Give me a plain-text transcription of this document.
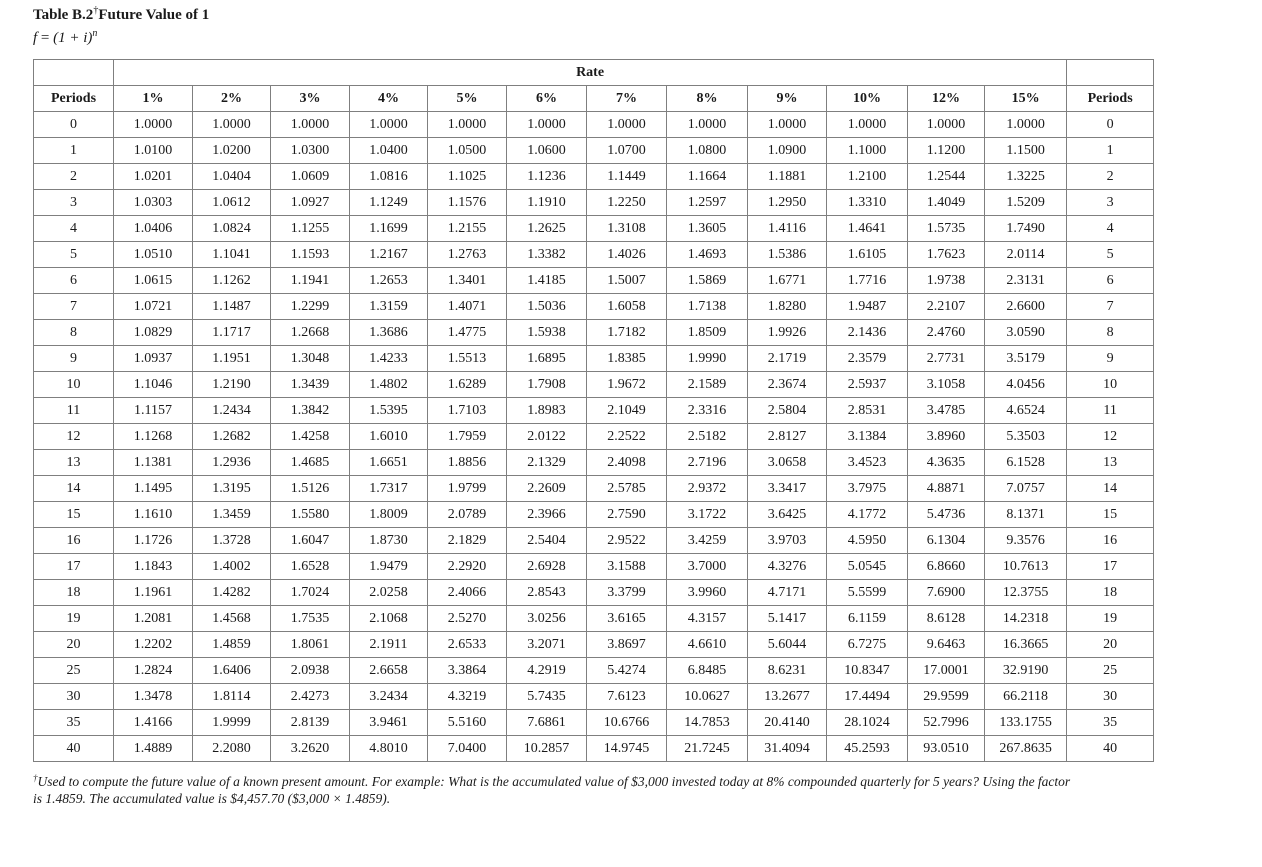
Table B.2†Future Value of 1
$f = (1 + i)^n$
	Rate												
Periods	1%	2%	3%	4%	5%	6%	7%	8%	9%	10%	12%	15%	Periods
0	1.0000	1.0000	1.0000	1.0000	1.0000	1.0000	1.0000	1.0000	1.0000	1.0000	1.0000	1.0000	0
1	1.0100	1.0200	1.0300	1.0400	1.0500	1.0600	1.0700	1.0800	1.0900	1.1000	1.1200	1.1500	1
2	1.0201	1.0404	1.0609	1.0816	1.1025	1.1236	1.1449	1.1664	1.1881	1.2100	1.2544	1.3225	2
3	1.0303	1.0612	1.0927	1.1249	1.1576	1.1910	1.2250	1.2597	1.2950	1.3310	1.4049	1.5209	3
4	1.0406	1.0824	1.1255	1.1699	1.2155	1.2625	1.3108	1.3605	1.4116	1.4641	1.5735	1.7490	4
5	1.0510	1.1041	1.1593	1.2167	1.2763	1.3382	1.4026	1.4693	1.5386	1.6105	1.7623	2.0114	5
6	1.0615	1.1262	1.1941	1.2653	1.3401	1.4185	1.5007	1.5869	1.6771	1.7716	1.9738	2.3131	6
7	1.0721	1.1487	1.2299	1.3159	1.4071	1.5036	1.6058	1.7138	1.8280	1.9487	2.2107	2.6600	7
8	1.0829	1.1717	1.2668	1.3686	1.4775	1.5938	1.7182	1.8509	1.9926	2.1436	2.4760	3.0590	8
9	1.0937	1.1951	1.3048	1.4233	1.5513	1.6895	1.8385	1.9990	2.1719	2.3579	2.7731	3.5179	9
10	1.1046	1.2190	1.3439	1.4802	1.6289	1.7908	1.9672	2.1589	2.3674	2.5937	3.1058	4.0456	10
11	1.1157	1.2434	1.3842	1.5395	1.7103	1.8983	2.1049	2.3316	2.5804	2.8531	3.4785	4.6524	11
12	1.1268	1.2682	1.4258	1.6010	1.7959	2.0122	2.2522	2.5182	2.8127	3.1384	3.8960	5.3503	12
13	1.1381	1.2936	1.4685	1.6651	1.8856	2.1329	2.4098	2.7196	3.0658	3.4523	4.3635	6.1528	13
14	1.1495	1.3195	1.5126	1.7317	1.9799	2.2609	2.5785	2.9372	3.3417	3.7975	4.8871	7.0757	14
15	1.1610	1.3459	1.5580	1.8009	2.0789	2.3966	2.7590	3.1722	3.6425	4.1772	5.4736	8.1371	15
16	1.1726	1.3728	1.6047	1.8730	2.1829	2.5404	2.9522	3.4259	3.9703	4.5950	6.1304	9.3576	16
17	1.1843	1.4002	1.6528	1.9479	2.2920	2.6928	3.1588	3.7000	4.3276	5.0545	6.8660	10.7613	17
18	1.1961	1.4282	1.7024	2.0258	2.4066	2.8543	3.3799	3.9960	4.7171	5.5599	7.6900	12.3755	18
19	1.2081	1.4568	1.7535	2.1068	2.5270	3.0256	3.6165	4.3157	5.1417	6.1159	8.6128	14.2318	19
20	1.2202	1.4859	1.8061	2.1911	2.6533	3.2071	3.8697	4.6610	5.6044	6.7275	9.6463	16.3665	20
25	1.2824	1.6406	2.0938	2.6658	3.3864	4.2919	5.4274	6.8485	8.6231	10.8347	17.0001	32.9190	25
30	1.3478	1.8114	2.4273	3.2434	4.3219	5.7435	7.6123	10.0627	13.2677	17.4494	29.9599	66.2118	30
35	1.4166	1.9999	2.8139	3.9461	5.5160	7.6861	10.6766	14.7853	20.4140	28.1024	52.7996	133.1755	35
40	1.4889	2.2080	3.2620	4.8010	7.0400	10.2857	14.9745	21.7245	31.4094	45.2593	93.0510	267.8635	40
†Used to compute the future value of a known present amount. For example: What is the accumulated value of $3,000 invested today at 8% compounded quarterly for 5 years? Using the factor
is 1.4859. The accumulated value is $4,457.70 ($3,000 × 1.4859).
